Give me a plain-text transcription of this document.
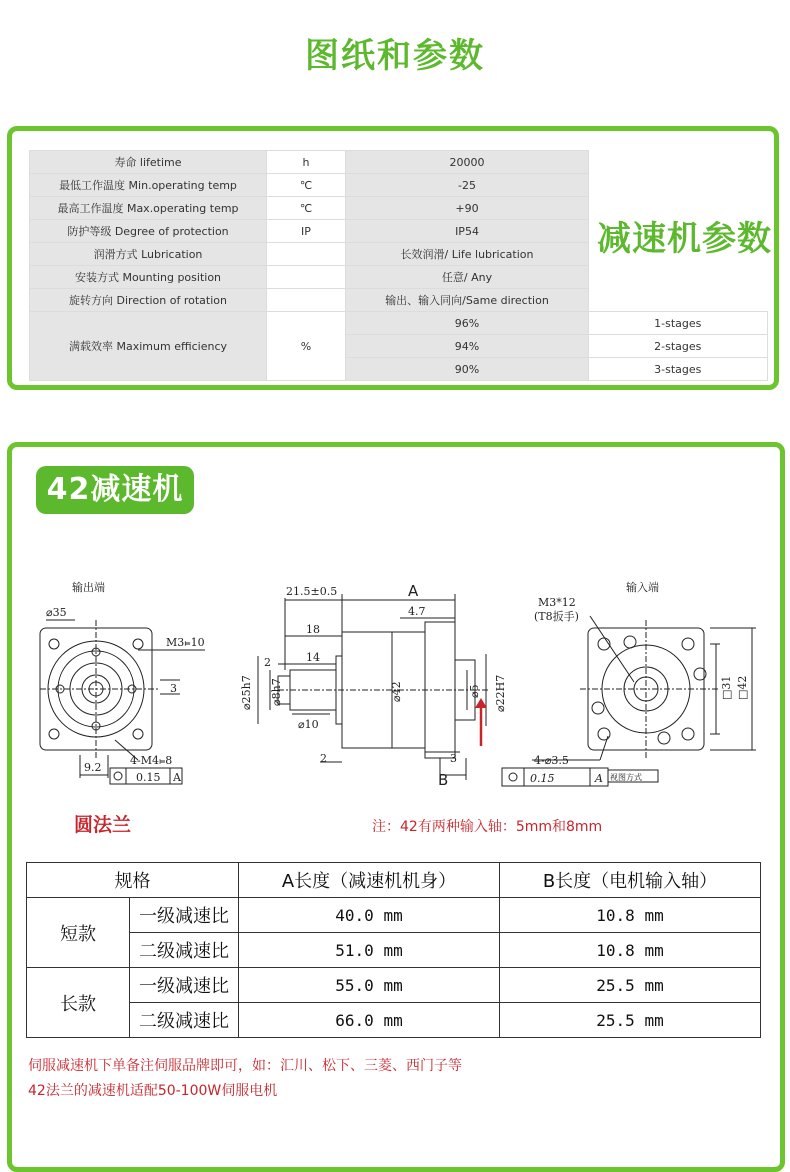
图纸和参数
寿命 lifetime	h	20000	
最低工作温度 Min.operating temp	℃	-25	
最高工作温度 Max.operating temp	℃	+90	
防护等级 Degree of protection	IP	IP54	
润滑方式 Lubrication		长效润滑/ Life lubrication	
安装方式 Mounting position		任意/ Any	
旋转方向 Direction of rotation		输出、输入同向/Same direction	
满载效率 Maximum efficiency	%	96%	1-stages
		94%	2-stages
		90%	3-stages
减速机参数
42减速机
输出端	输入端
⌀35
M3⫢10
3
4-M4⫢8
9.2
0.15 A
21.5±0.5	A
4.7
18
2	14
⌀25h7 ⌀8h7
⌀10
⌀42	⌀5 ⌀22H7
2	3
B
M3*12
(T8扳手)
□31 □42
4-⌀3.5
0.15	A 视图方式
圆法兰	注：42有两种输入轴：5mm和8mm
规格		A长度（减速机机身）	B长度（电机输入轴）
短款	一级减速比	40.0 mm	10.8 mm
	二级减速比	51.0 mm	10.8 mm
长款	一级减速比	55.0 mm	25.5 mm
	二级减速比	66.0 mm	25.5 mm
伺服减速机下单备注伺服品牌即可，如：汇川、松下、三菱、西门子等
42法兰的减速机适配50-100W伺服电机
